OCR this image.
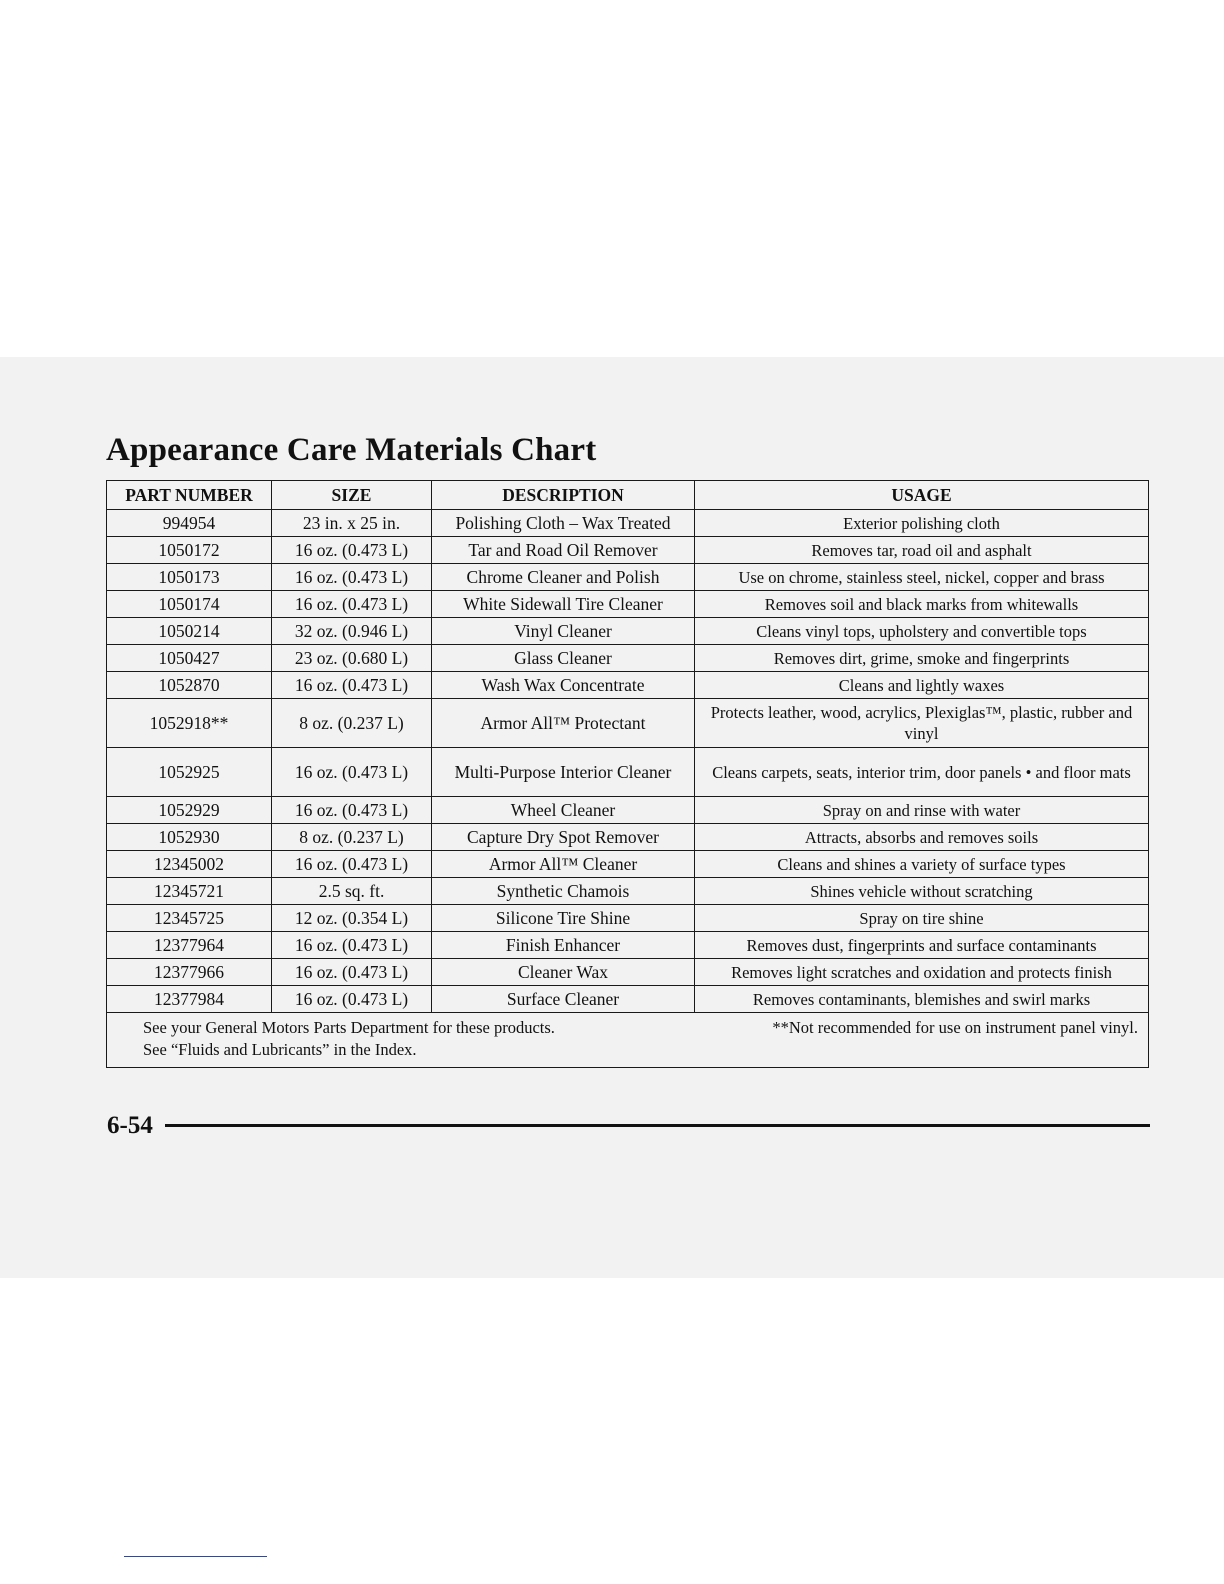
Appearance Care Materials Chart
PART NUMBER	SIZE	DESCRIPTION	USAGE
994954	23 in. x 25 in.	Polishing Cloth – Wax Treated	Exterior polishing cloth
1050172	16 oz. (0.473 L)	Tar and Road Oil Remover	Removes tar, road oil and asphalt
1050173	16 oz. (0.473 L)	Chrome Cleaner and Polish	Use on chrome, stainless steel, nickel, copper and brass
1050174	16 oz. (0.473 L)	White Sidewall Tire Cleaner	Removes soil and black marks from whitewalls
1050214	32 oz. (0.946 L)	Vinyl Cleaner	Cleans vinyl tops, upholstery and convertible tops
1050427	23 oz. (0.680 L)	Glass Cleaner	Removes dirt, grime, smoke and fingerprints
1052870	16 oz. (0.473 L)	Wash Wax Concentrate	Cleans and lightly waxes
1052918**	8 oz. (0.237 L)	Armor All™ Protectant	Protects leather, wood, acrylics, Plexiglas™, plastic, rubber and vinyl
1052925	16 oz. (0.473 L)	Multi-Purpose Interior Cleaner	Cleans carpets, seats, interior trim, door panels • and floor mats
1052929	16 oz. (0.473 L)	Wheel Cleaner	Spray on and rinse with water
1052930	8 oz. (0.237 L)	Capture Dry Spot Remover	Attracts, absorbs and removes soils
12345002	16 oz. (0.473 L)	Armor All™ Cleaner	Cleans and shines a variety of surface types
12345721	2.5 sq. ft.	Synthetic Chamois	Shines vehicle without scratching
12345725	12 oz. (0.354 L)	Silicone Tire Shine	Spray on tire shine
12377964	16 oz. (0.473 L)	Finish Enhancer	Removes dust, fingerprints and surface contaminants
12377966	16 oz. (0.473 L)	Cleaner Wax	Removes light scratches and oxidation and protects finish
12377984	16 oz. (0.473 L)	Surface Cleaner	Removes contaminants, blemishes and swirl marks

See your General Motors Parts Department for these products. **Not recommended for use on instrument panel vinyl.
See “Fluids and Lubricants” in the Index.			
6-54
